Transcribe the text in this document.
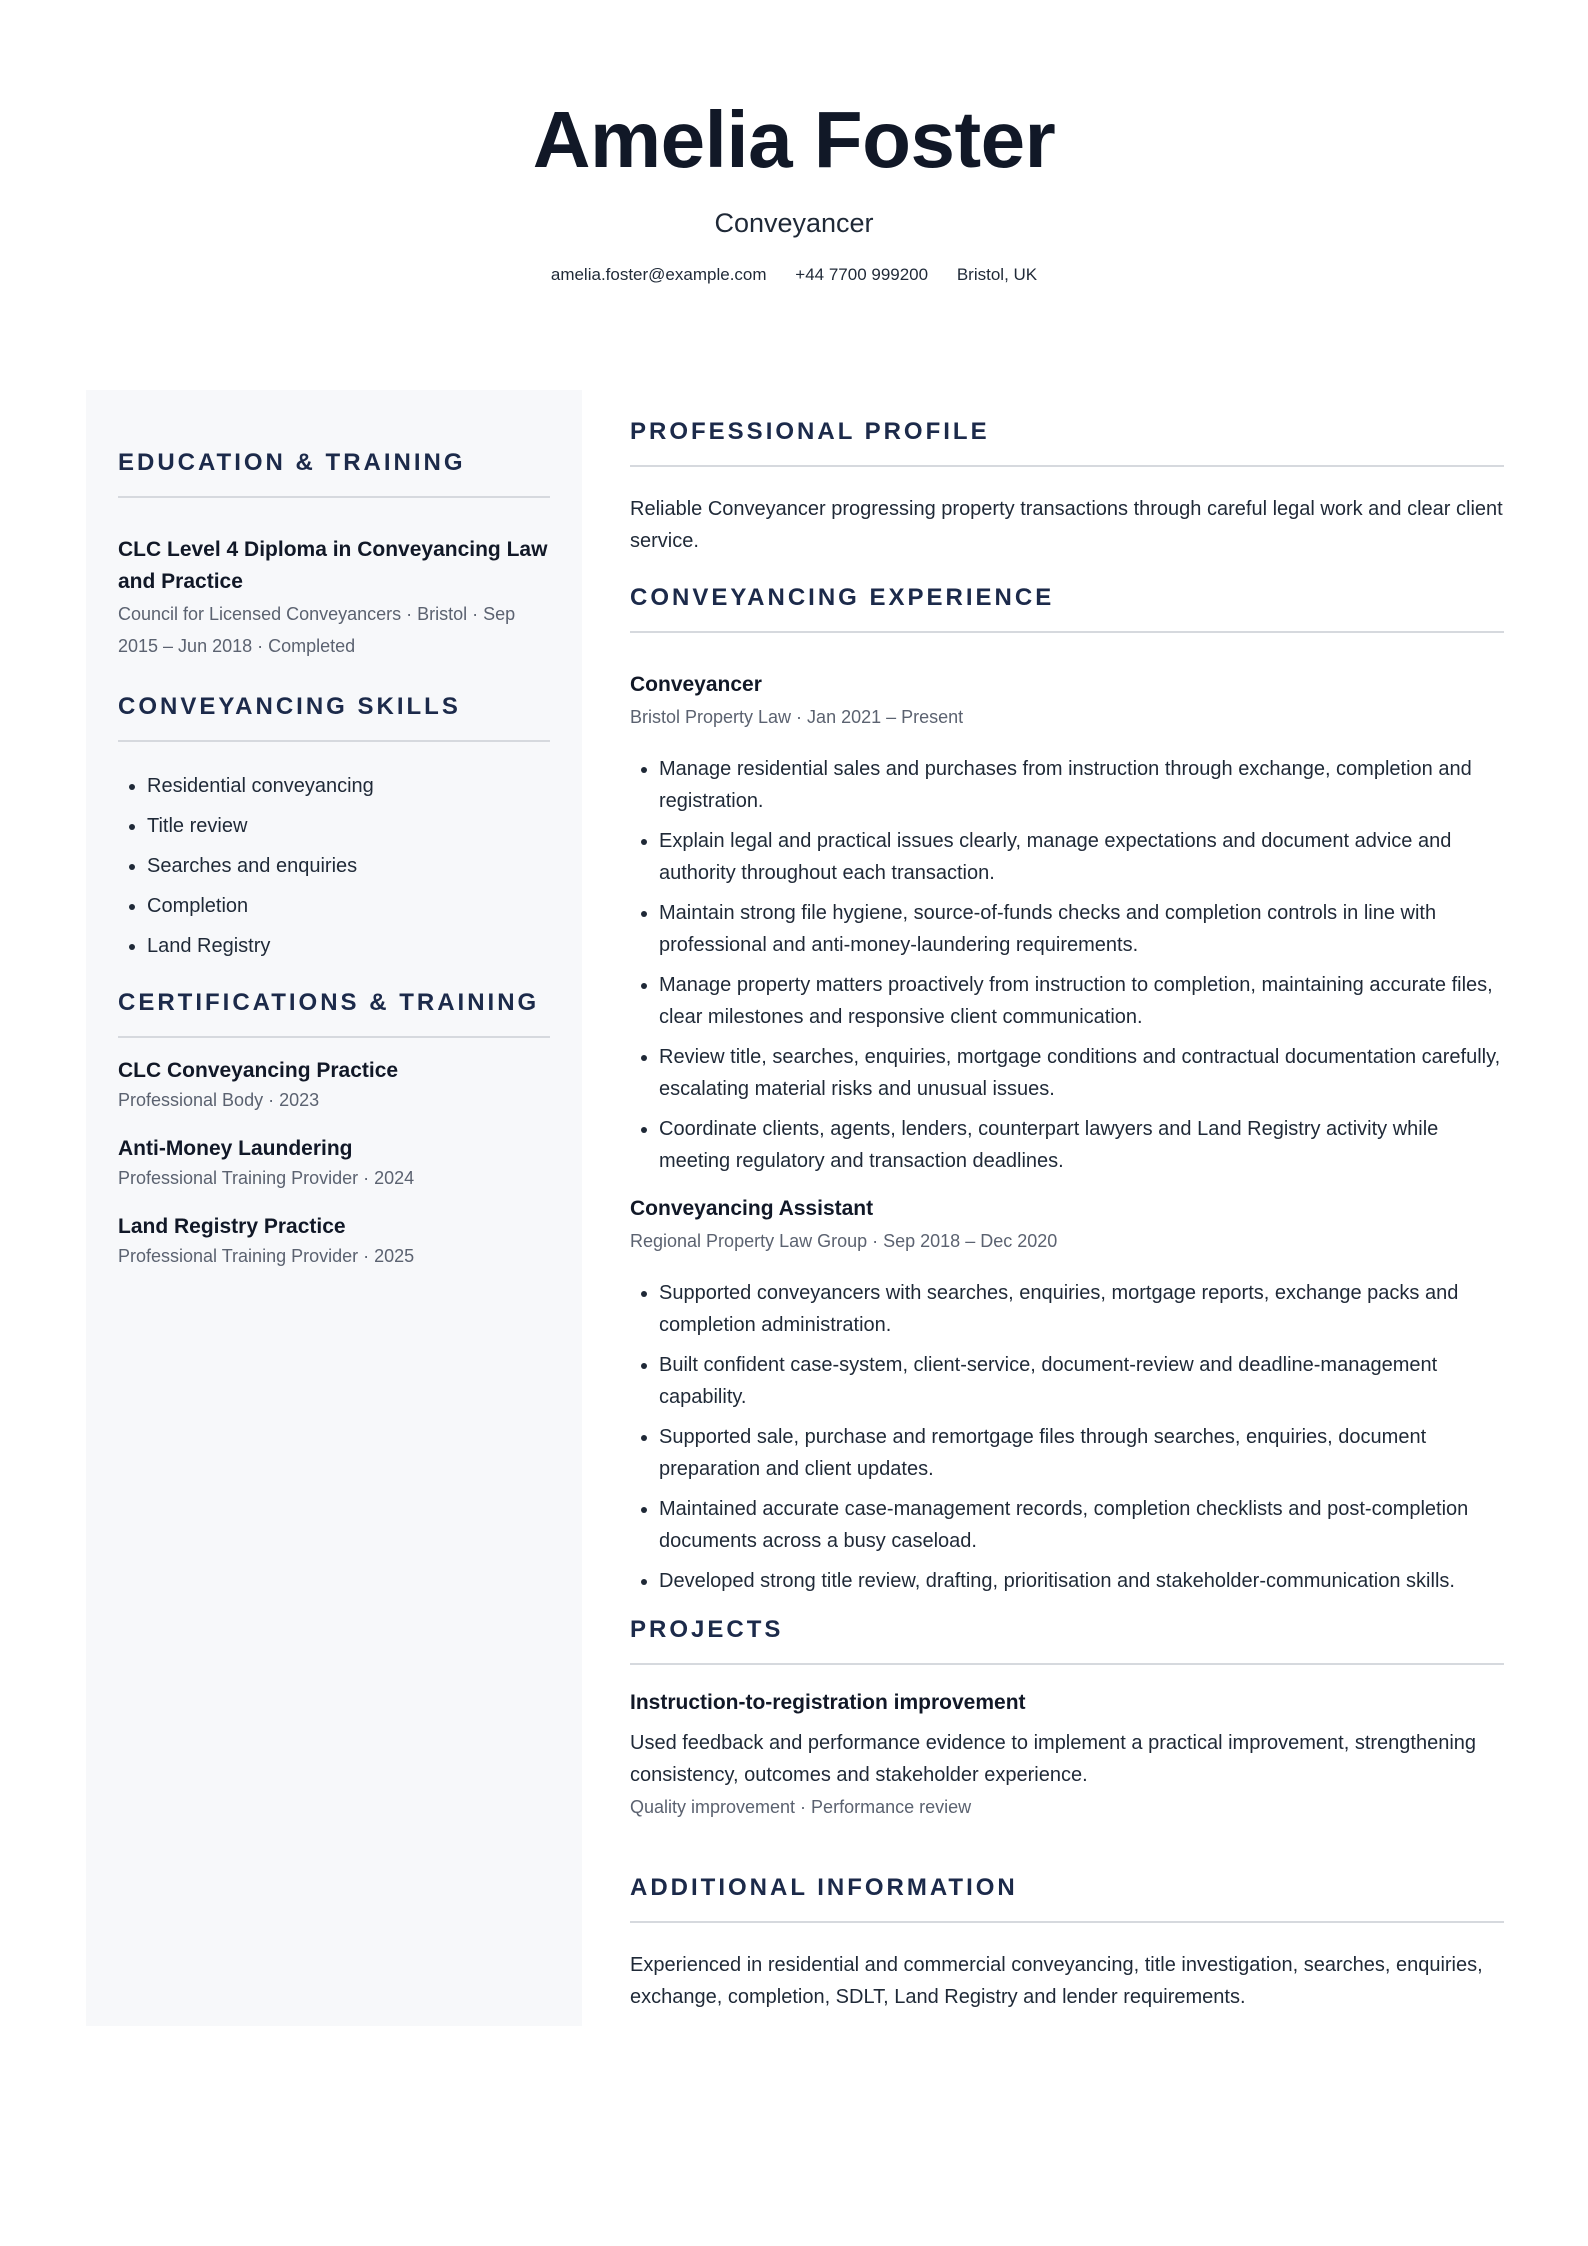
Amelia Foster
Conveyancer
amelia.foster@example.com +44 7700 999200 Bristol, UK
EDUCATION & TRAINING
CLC Level 4 Diploma in Conveyancing Law and Practice
Council for Licensed Conveyancers · Bristol · Sep 2015 – Jun 2018 · Completed
CONVEYANCING SKILLS
• Residential conveyancing
• Title review
• Searches and enquiries
• Completion
• Land Registry
CERTIFICATIONS & TRAINING
CLC Conveyancing Practice
Professional Body · 2023
Anti-Money Laundering
Professional Training Provider · 2024
Land Registry Practice
Professional Training Provider · 2025
PROFESSIONAL PROFILE
Reliable Conveyancer progressing property transactions through careful legal work and clear client service.
CONVEYANCING EXPERIENCE
Conveyancer
Bristol Property Law · Jan 2021 – Present
• Manage residential sales and purchases from instruction through exchange, completion and registration.
• Explain legal and practical issues clearly, manage expectations and document advice and authority throughout each transaction.
• Maintain strong file hygiene, source-of-funds checks and completion controls in line with professional and anti-money-laundering requirements.
• Manage property matters proactively from instruction to completion, maintaining accurate files, clear milestones and responsive client communication.
• Review title, searches, enquiries, mortgage conditions and contractual documentation carefully, escalating material risks and unusual issues.
• Coordinate clients, agents, lenders, counterpart lawyers and Land Registry activity while meeting regulatory and transaction deadlines.
Conveyancing Assistant
Regional Property Law Group · Sep 2018 – Dec 2020
• Supported conveyancers with searches, enquiries, mortgage reports, exchange packs and completion administration.
• Built confident case-system, client-service, document-review and deadline-management capability.
• Supported sale, purchase and remortgage files through searches, enquiries, document preparation and client updates.
• Maintained accurate case-management records, completion checklists and post-completion documents across a busy caseload.
• Developed strong title review, drafting, prioritisation and stakeholder-communication skills.
PROJECTS
Instruction-to-registration improvement
Used feedback and performance evidence to implement a practical improvement, strengthening consistency, outcomes and stakeholder experience.
Quality improvement · Performance review
ADDITIONAL INFORMATION
Experienced in residential and commercial conveyancing, title investigation, searches, enquiries, exchange, completion, SDLT, Land Registry and lender requirements.
